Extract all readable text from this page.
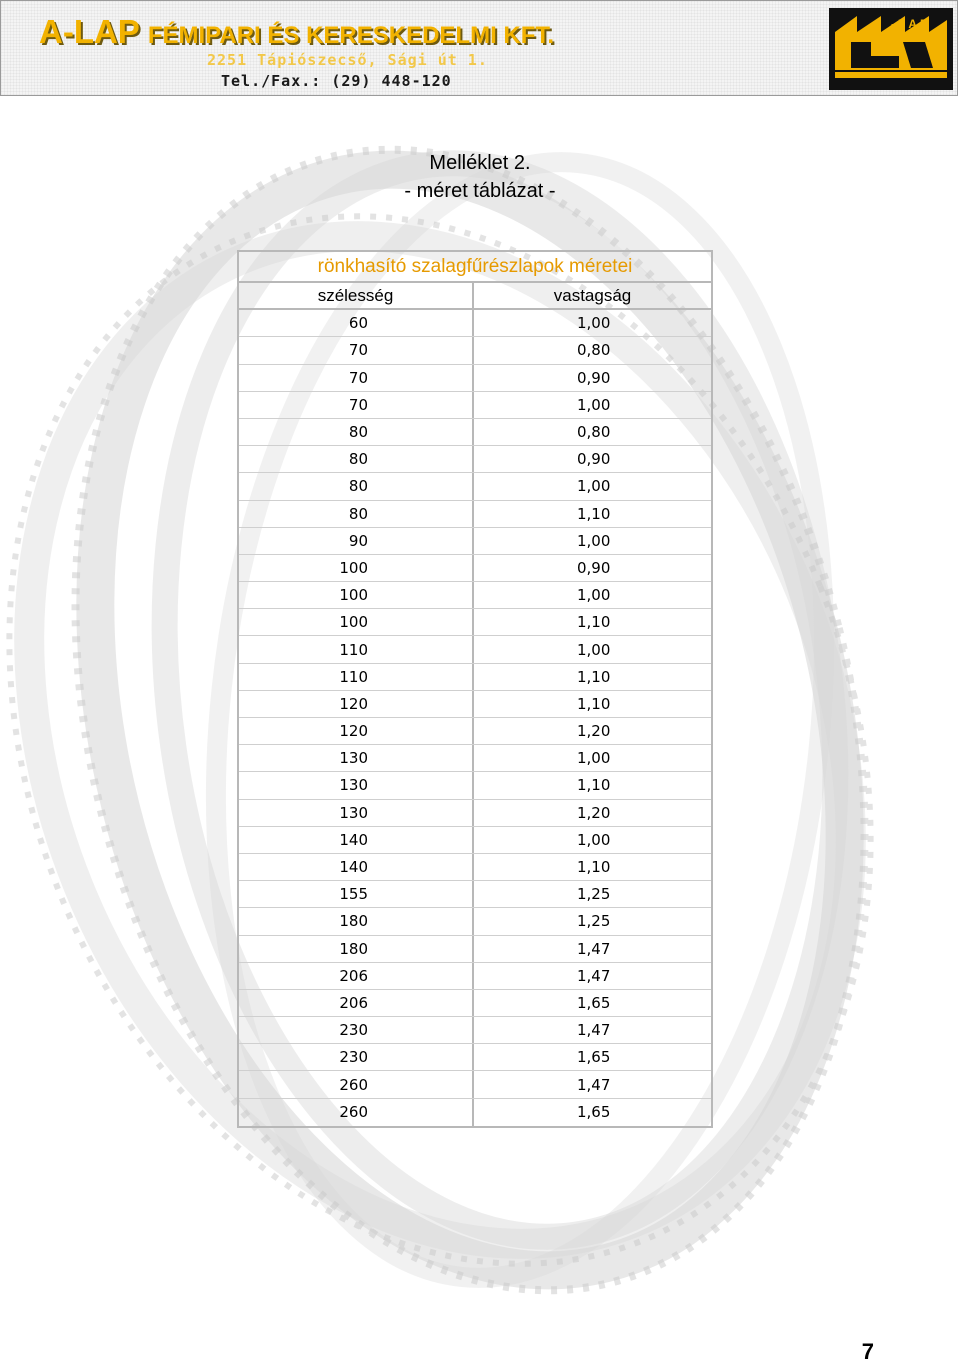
A-LAP FÉMIPARI ÉS KERESKEDELMI KFT.
2251 Tápiószecső, Sági út 1.
Tel./Fax.: (29) 448-120
-LAP
Melléklet 2.
- méret táblázat -
rönkhasító szalagfűrészlapok méretei
szélesség	vastagság
60	1,00
70	0,80
70	0,90
70	1,00
80	0,80
80	0,90
80	1,00
80	1,10
90	1,00
100	0,90
100	1,00
100	1,10
110	1,00
110	1,10
120	1,10
120	1,20
130	1,00
130	1,10
130	1,20
140	1,00
140	1,10
155	1,25
180	1,25
180	1,47
206	1,47
206	1,65
230	1,47
230	1,65
260	1,47
260	1,65
7
